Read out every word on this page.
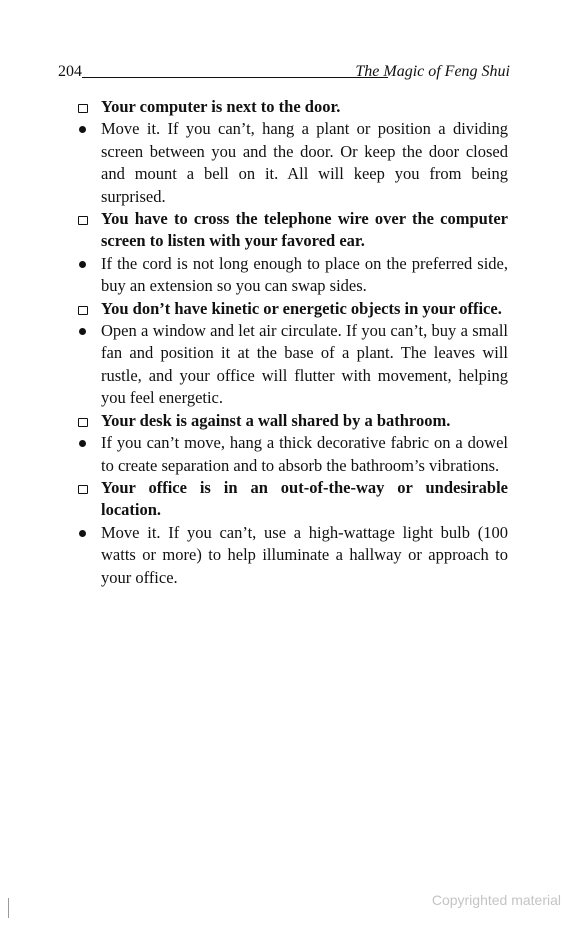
204	The Magic of Feng Shui
Your computer is next to the door.
Move it. If you can’t, hang a plant or position a dividing screen between you and the door. Or keep the door closed and mount a bell on it. All will keep you from being surprised.
You have to cross the telephone wire over the computer screen to listen with your favored ear.
If the cord is not long enough to place on the preferred side, buy an extension so you can swap sides.
You don’t have kinetic or energetic objects in your office.
Open a window and let air circulate. If you can’t, buy a small fan and position it at the base of a plant. The leaves will rustle, and your office will flutter with movement, helping you feel energetic.
Your desk is against a wall shared by a bathroom.
If you can’t move, hang a thick decorative fabric on a dowel to create separation and to absorb the bathroom’s vibrations.
Your office is in an out-of-the-way or undesirable location.
Move it. If you can’t, use a high-wattage light bulb (100 watts or more) to help illuminate a hallway or approach to your office.
Copyrighted material
